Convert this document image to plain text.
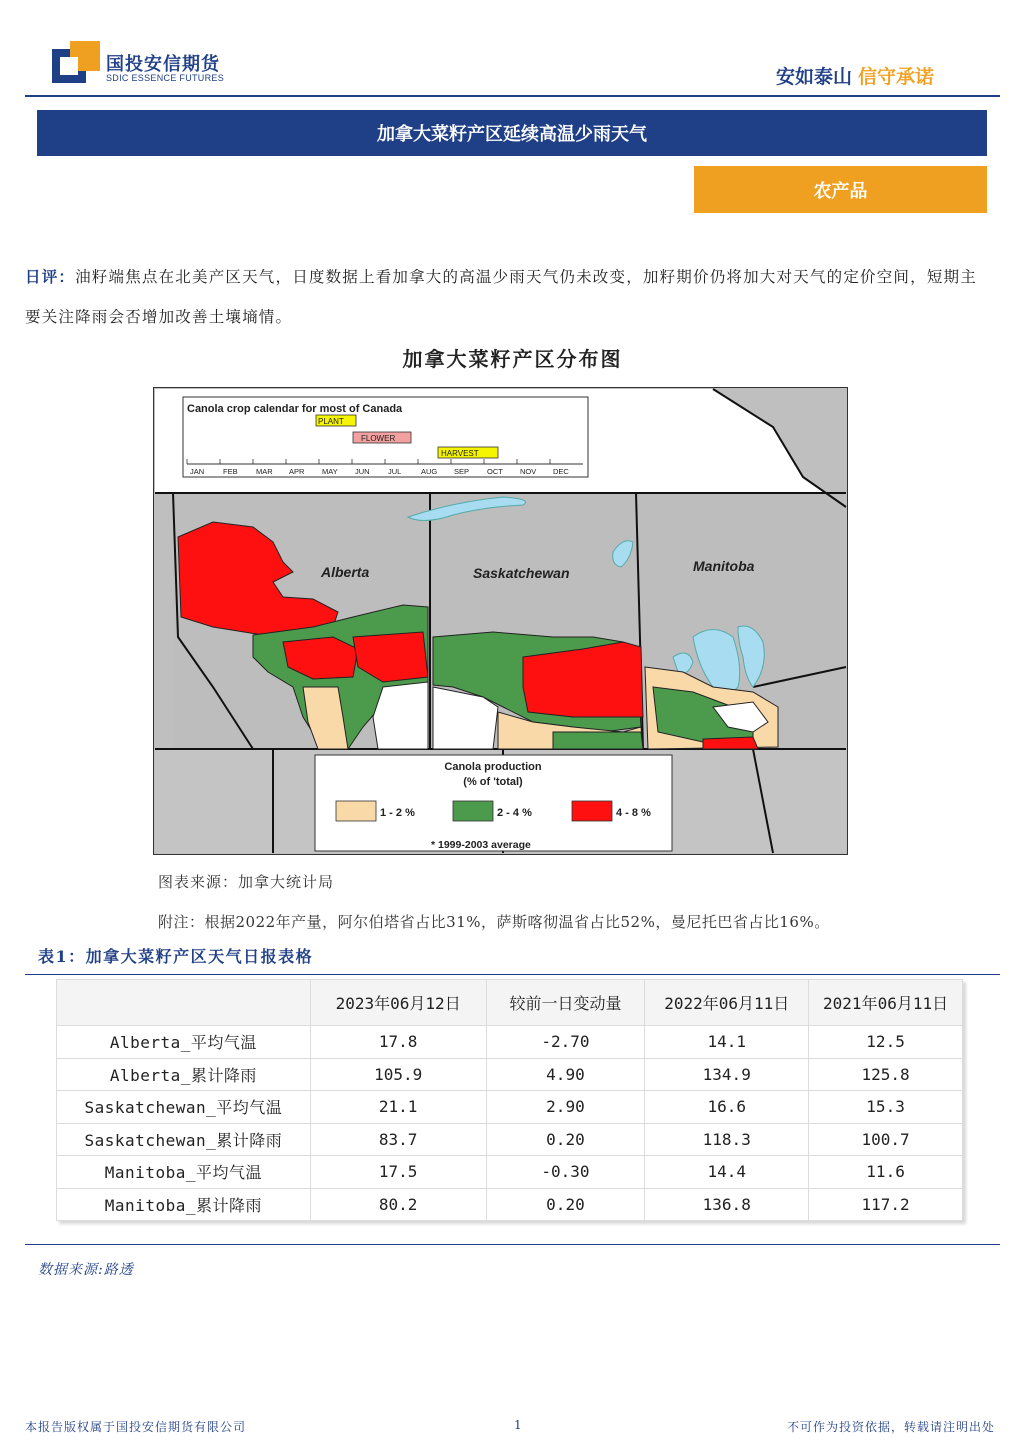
国投安信期货
SDIC ESSENCE FUTURES	安如泰山 信守承诺
加拿大菜籽产区延续高温少雨天气
农产品
日评：油籽端焦点在北美产区天气，日度数据上看加拿大的高温少雨天气仍未改变，加籽期价仍将加大对天气的定价空间，短期主要关注降雨会否增加改善土壤墒情。
加拿大菜籽产区分布图
Alberta	Saskatchewan	Manitoba
Canola crop calendar for most of Canada
JAN	FEB MAR APR MAY JUN JUL	AUG SEP OCT NOV DEC
PLANT
FLOWER
HARVEST
Canola production
(% of 'total)
1 - 2 %	2 - 4 %	4 - 8 %
* 1999-2003 average
图表来源：加拿大统计局
附注：根据2022年产量，阿尔伯塔省占比31%，萨斯喀彻温省占比52%，曼尼托巴省占比16%。
表1：加拿大菜籽产区天气日报表格
	2023年06月12日	较前一日变动量	2022年06月11日	2021年06月11日
Alberta_平均气温	17.8	-2.70	14.1	12.5
Alberta_累计降雨	105.9	4.90	134.9	125.8
Saskatchewan_平均气温	21.1	2.90	16.6	15.3
Saskatchewan_累计降雨	83.7	0.20	118.3	100.7
Manitoba_平均气温	17.5	-0.30	14.4	11.6
Manitoba_累计降雨	80.2	0.20	136.8	117.2
数据来源:路透
本报告版权属于国投安信期货有限公司	1	不可作为投资依据，转载请注明出处
